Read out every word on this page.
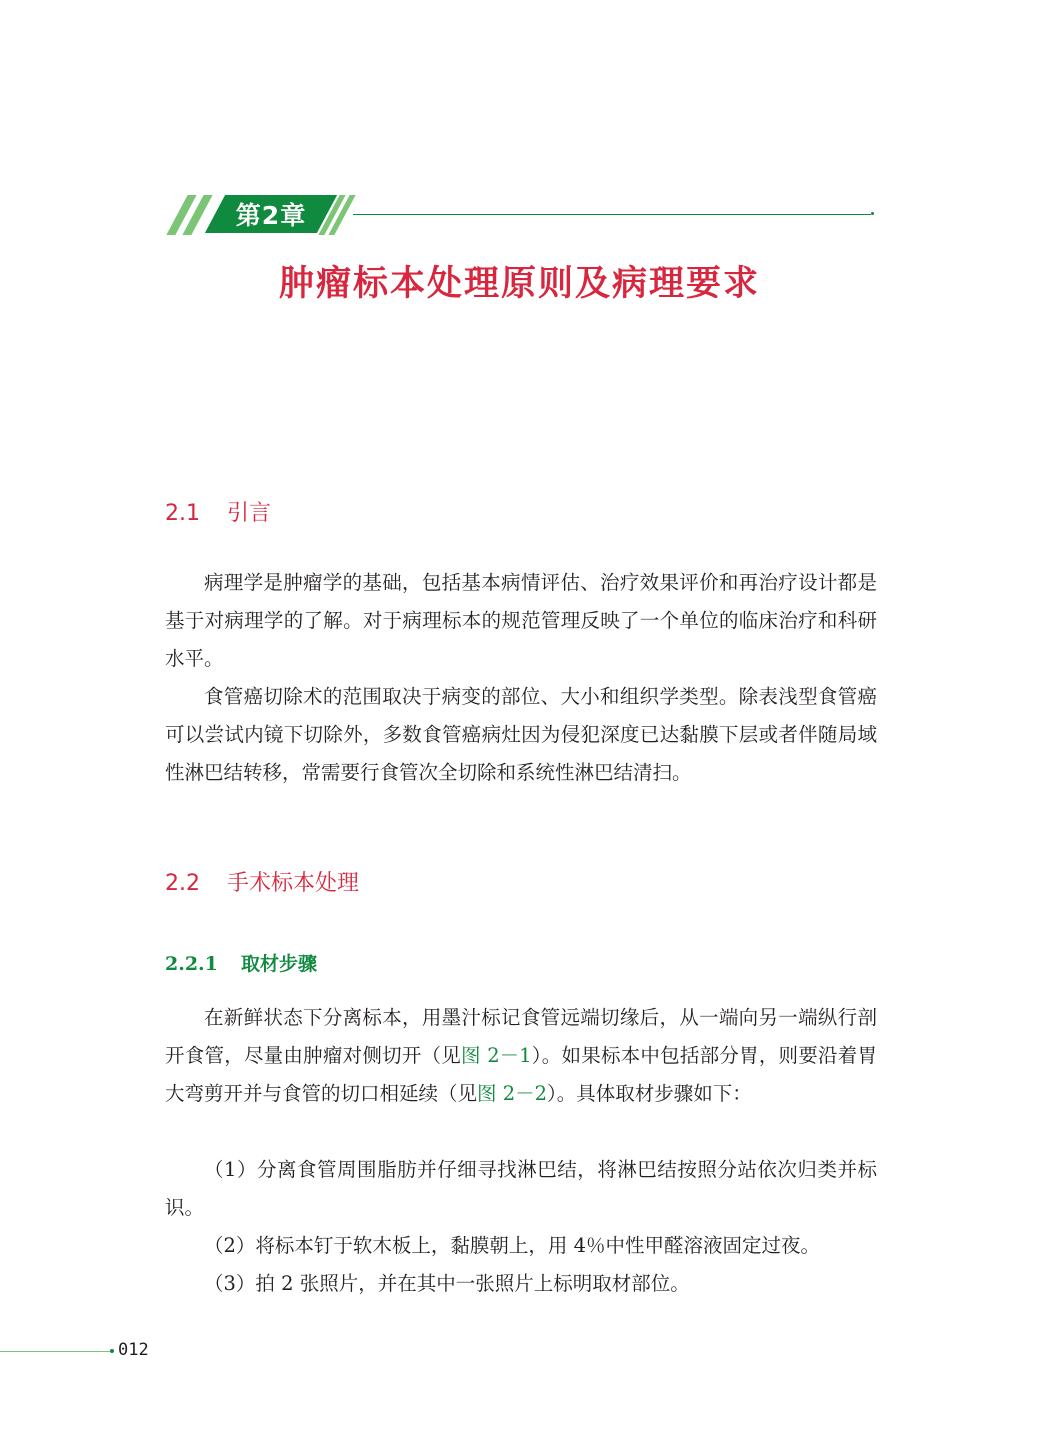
第2章
肿瘤标本处理原则及病理要求
2.1 引言

病理学是肿瘤学的基础，包括基本病情评估、治疗效果评价和再治疗设计都是基于对病理学的了解。对于病理标本的规范管理反映了一个单位的临床治疗和科研水平。

食管癌切除术的范围取决于病变的部位、大小和组织学类型。除表浅型食管癌可以尝试内镜下切除外，多数食管癌病灶因为侵犯深度已达黏膜下层或者伴随局域性淋巴结转移，常需要行食管次全切除和系统性淋巴结清扫。

2.2 手术标本处理
2.2.1 取材步骤

在新鲜状态下分离标本，用墨汁标记食管远端切缘后，从一端向另一端纵行剖开食管，尽量由肿瘤对侧切开（见图 2－1）。如果标本中包括部分胃，则要沿着胃大弯剪开并与食管的切口相延续（见图 2－2）。具体取材步骤如下：

（1）分离食管周围脂肪并仔细寻找淋巴结，将淋巴结按照分站依次归类并标识。

（2）将标本钉于软木板上，黏膜朝上，用 4％中性甲醛溶液固定过夜。

（3）拍 2 张照片，并在其中一张照片上标明取材部位。

012
